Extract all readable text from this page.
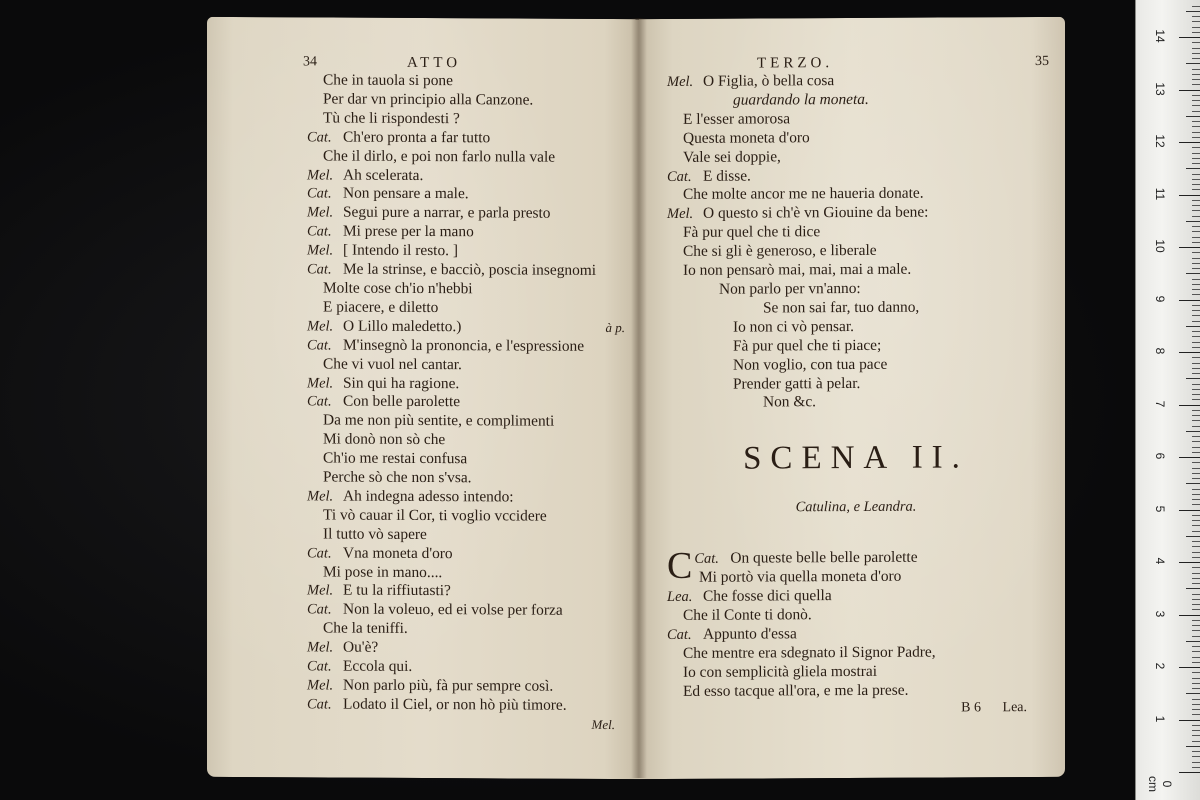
34	ATTO
Che in tauola si pone
Per dar vn principio alla Canzone.
Tù che li rispondesti ?
Cat. Ch'ero pronta a far tutto
Che il dirlo, e poi non farlo nulla vale
Mel. Ah scelerata.
Cat. Non pensare a male.
Mel. Segui pure a narrar, e parla presto
Cat. Mi prese per la mano
Mel. [ Intendo il resto. ]
Cat. Me la strinse, e bacciò, poscia insegnomi
Molte cose ch'io n'hebbi
E piacere, e diletto
Mel. O Lillo maledetto.)	à p.
Cat. M'insegnò la prononcia, e l'espressione
Che vi vuol nel cantar.
Mel. Sin qui ha ragione.
Cat. Con belle parolette
Da me non più sentite, e complimenti
Mi donò non sò che
Ch'io me restai confusa
Perche sò che non s'vsa.
Mel. Ah indegna adesso intendo:
Ti vò cauar il Cor, ti voglio vccidere
Il tutto vò sapere
Cat. Vna moneta d'oro
Mi pose in mano....
Mel. E tu la riffiutasti?
Cat. Non la voleuo, ed ei volse per forza
Che la teniffi.
Mel. Ou'è?
Cat. Eccola qui.
Mel. Non parlo più, fà pur sempre così.
Cat. Lodato il Ciel, or non hò più timore.
Mel.
TERZO.	35
Mel. O Figlia, ò bella cosa
guardando la moneta.
E l'esser amorosa
Questa moneta d'oro
Vale sei doppie,
Cat. E disse.
Che molte ancor me ne haueria donate.
Mel. O questo si ch'è vn Giouine da bene:
Fà pur quel che ti dice
Che si gli è generoso, e liberale
Io non pensarò mai, mai, mai a male.
Non parlo per vn'anno:
Se non sai far, tuo danno,
Io non ci vò pensar.
Fà pur quel che ti piace;
Non voglio, con tua pace
Prender gatti à pelar.
Non &c.
SCENA II.
Catulina, e Leandra.
Cat.
C On queste belle belle parolette
Mi portò via quella moneta d'oro
Lea. Che fosse dici quella
Che il Conte ti donò.
Cat. Appunto d'essa
Che mentre era sdegnato il Signor Padre,
Io con semplicità gliela mostrai
Ed esso tacque all'ora, e me la prese.
B 6 Lea.
0 cm
1
2
3
4
5
6
7
8
9
10
11
12
13
14
